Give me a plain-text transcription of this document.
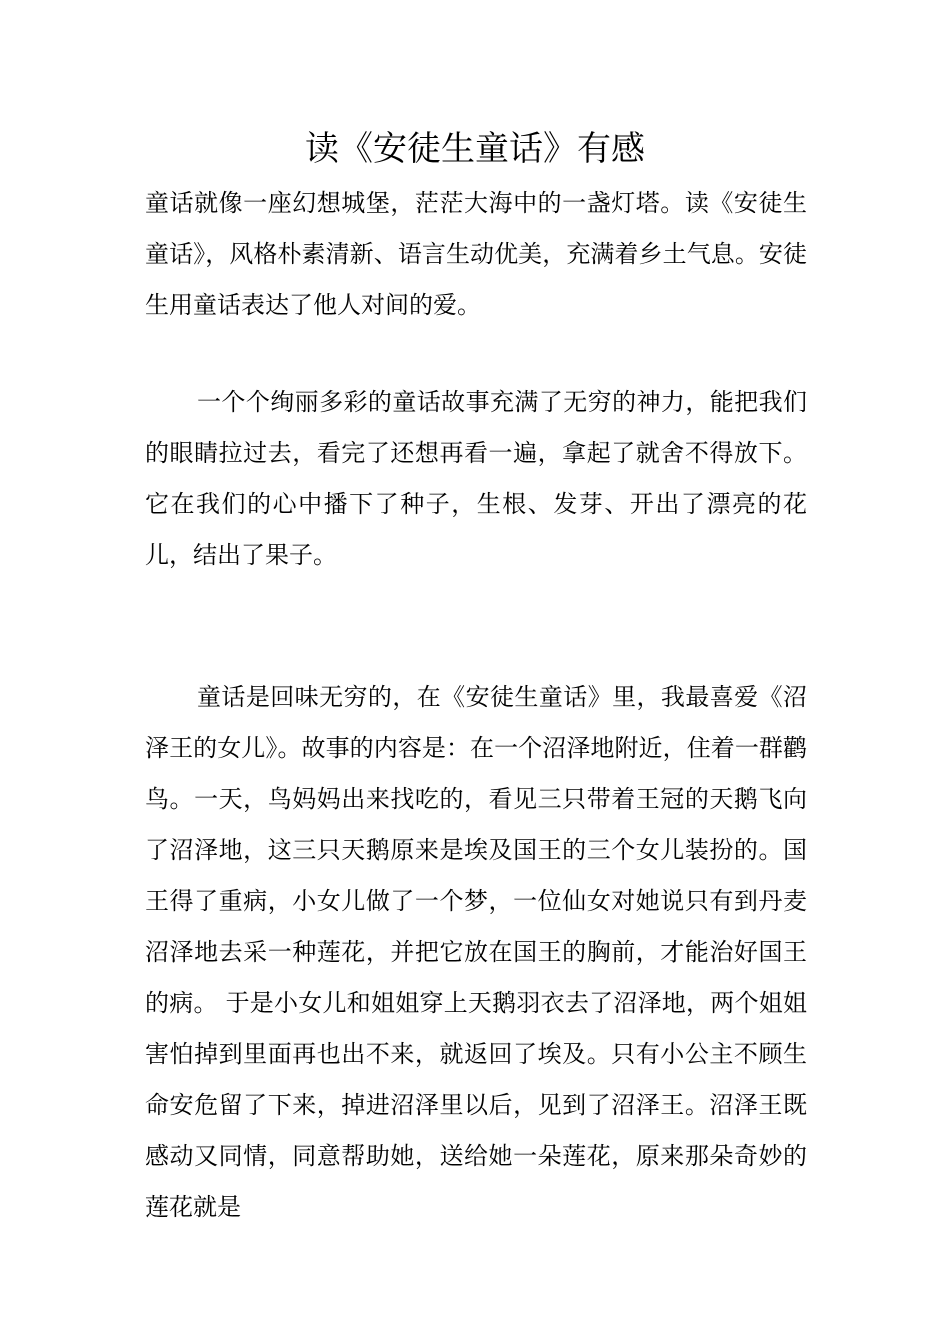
读《安徒生童话》有感

童话就像一座幻想城堡，茫茫大海中的一盏灯塔。读《安徒生童话》，风格朴素清新、语言生动优美，充满着乡土气息。安徒生用童话表达了他人对间的爱。

一个个绚丽多彩的童话故事充满了无穷的神力，能把我们的眼睛拉过去，看完了还想再看一遍，拿起了就舍不得放下。它在我们的心中播下了种子，生根、发芽、开出了漂亮的花儿，结出了果子。

童话是回味无穷的，在《安徒生童话》里，我最喜爱《沼泽王的女儿》。故事的内容是：在一个沼泽地附近，住着一群鹳鸟。一天，鸟妈妈出来找吃的，看见三只带着王冠的天鹅飞向了沼泽地，这三只天鹅原来是埃及国王的三个女儿装扮的。国王得了重病，小女儿做了一个梦，一位仙女对她说只有到丹麦沼泽地去采一种莲花，并把它放在国王的胸前，才能治好国王的病。 于是小女儿和姐姐穿上天鹅羽衣去了沼泽地，两个姐姐害怕掉到里面再也出不来，就返回了埃及。只有小公主不顾生命安危留了下来，掉进沼泽里以后，见到了沼泽王。沼泽王既感动又同情，同意帮助她，送给她一朵莲花，原来那朵奇妙的莲花就是
